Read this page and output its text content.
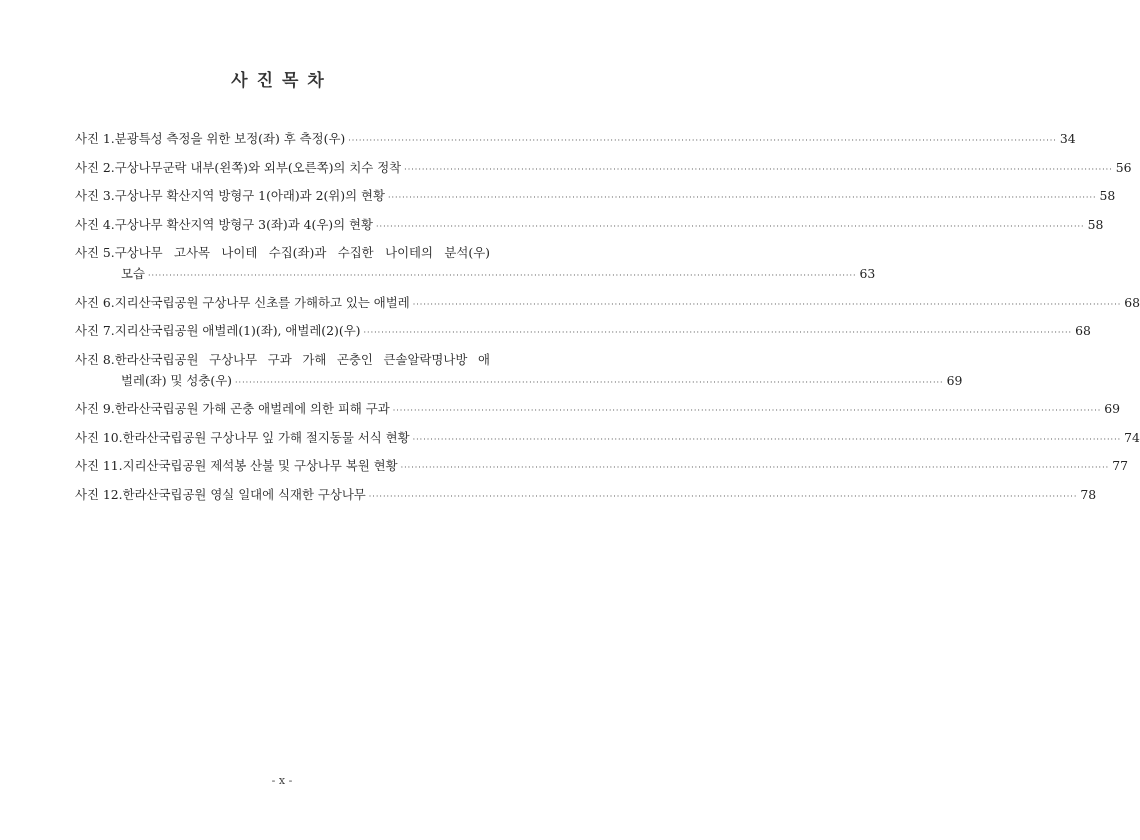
사진목차
사진 1. 분광특성 측정을 위한 보정(좌) 후 측정(우) ········································································································································································································ 34
사진 2. 구상나무군락 내부(왼쪽)와 외부(오른쪽)의 치수 정착 ········································································································································································································ 56
사진 3. 구상나무 확산지역 방형구 1(아래)과 2(위)의 현황 ········································································································································································································ 58
사진 4. 구상나무 확산지역 방형구 3(좌)과 4(우)의 현황 ········································································································································································································ 58
사진 5. 구상나무 고사목 나이테 수집(좌)과 수집한 나이테의 분석(우)
모습 ········································································································································································································ 63
사진 6. 지리산국립공원 구상나무 신초를 가해하고 있는 애벌레 ········································································································································································································ 68
사진 7. 지리산국립공원 애벌레(1)(좌), 애벌레(2)(우) ········································································································································································································ 68
사진 8. 한라산국립공원 구상나무 구과 가해 곤충인 큰솔알락명나방 애
벌레(좌) 및 성충(우) ········································································································································································································ 69
사진 9. 한라산국립공원 가해 곤충 애벌레에 의한 피해 구과 ········································································································································································································ 69
사진 10. 한라산국립공원 구상나무 잎 가해 절지동물 서식 현황 ········································································································································································································ 74
사진 11. 지리산국립공원 제석봉 산불 및 구상나무 복원 현황 ········································································································································································································ 77
사진 12. 한라산국립공원 영실 일대에 식재한 구상나무 ········································································································································································································ 78
- x -
